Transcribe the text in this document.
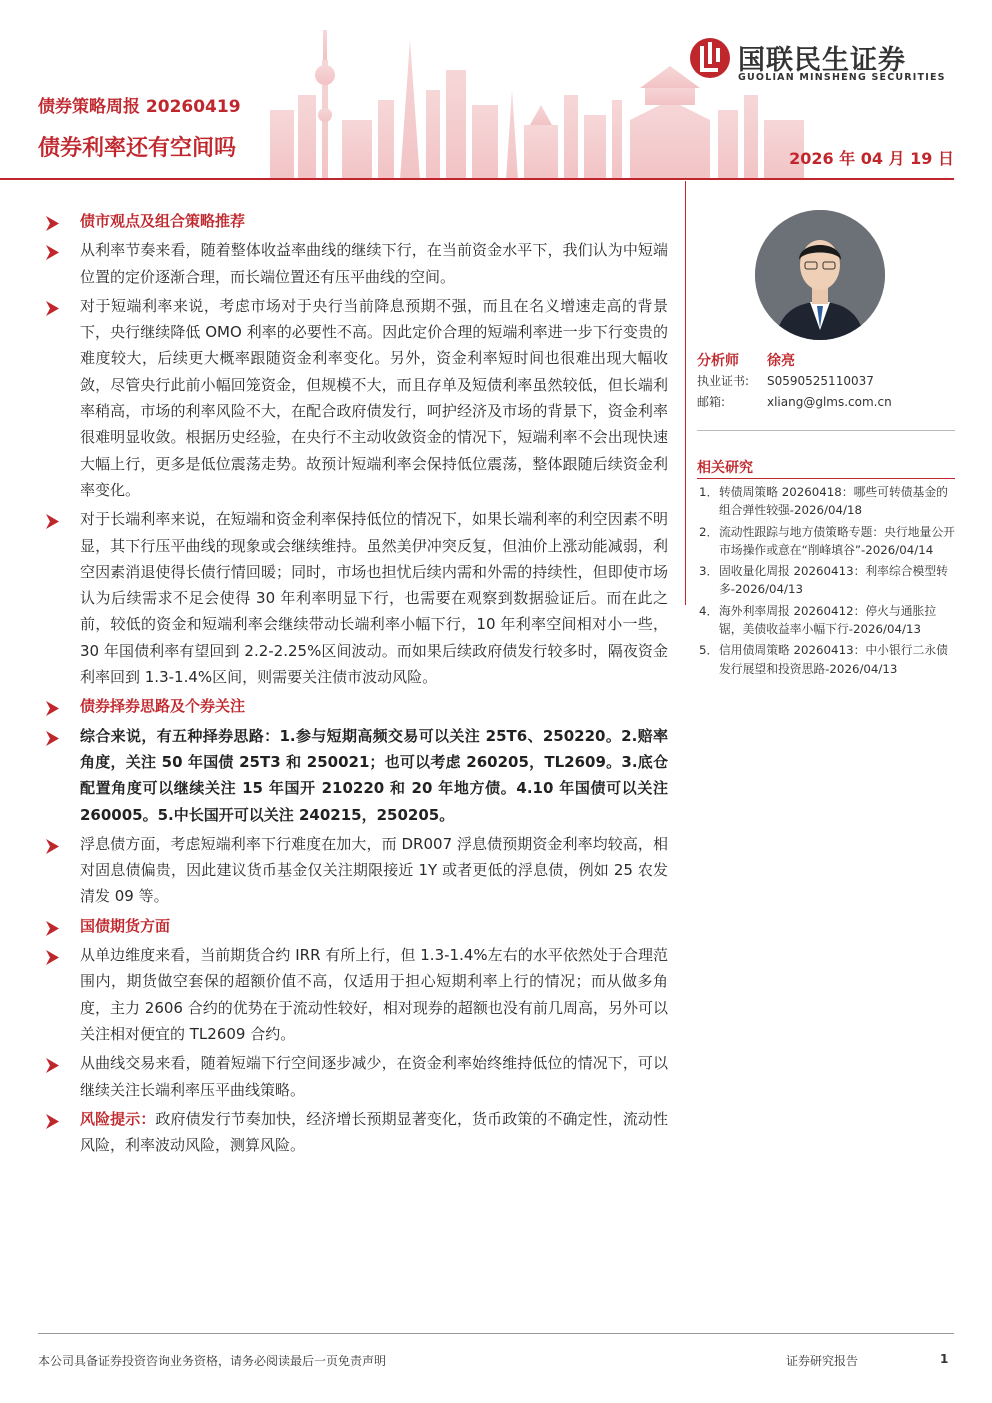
国联民生证券
GUOLIAN MINSHENG SECURITIES
债券策略周报 20260419
债券利率还有空间吗	2026 年 04 月 19 日
债市观点及组合策略推荐
从利率节奏来看，随着整体收益率曲线的继续下行，在当前资金水平下，我们认为中短端位置的定价逐渐合理，而长端位置还有压平曲线的空间。
对于短端利率来说，考虑市场对于央行当前降息预期不强，而且在名义增速走高的背景下，央行继续降低 OMO 利率的必要性不高。因此定价合理的短端利率进一步下行变贵的难度较大，后续更大概率跟随资金利率变化。另外，资金利率短时间也很难出现大幅收敛，尽管央行此前小幅回笼资金，但规模不大，而且存单及短债利率虽然较低，但长端利率稍高，市场的利率风险不大，在配合政府债发行，呵护经济及市场的背景下，资金利率很难明显收敛。根据历史经验，在央行不主动收敛资金的情况下，短端利率不会出现快速大幅上行，更多是低位震荡走势。故预计短端利率会保持低位震荡，整体跟随后续资金利率变化。
对于长端利率来说，在短端和资金利率保持低位的情况下，如果长端利率的利空因素不明显，其下行压平曲线的现象或会继续维持。虽然美伊冲突反复，但油价上涨动能减弱，利空因素消退使得长债行情回暖；同时，市场也担忧后续内需和外需的持续性，但即使市场认为后续需求不足会使得 30 年利率明显下行，也需要在观察到数据验证后。而在此之前，较低的资金和短端利率会继续带动长端利率小幅下行，10 年利率空间相对小一些，30 年国债利率有望回到 2.2-2.25%区间波动。而如果后续政府债发行较多时，隔夜资金利率回到 1.3-1.4%区间，则需要关注债市波动风险。
债券择券思路及个券关注
综合来说，有五种择券思路：1.参与短期高频交易可以关注 25T6、250220。2.赔率角度，关注 50 年国债 25T3 和 250021；也可以考虑 260205，TL2609。3.底仓配置角度可以继续关注 15 年国开 210220 和 20 年地方债。4.10 年国债可以关注 260005。5.中长国开可以关注 240215，250205。
浮息债方面，考虑短端利率下行难度在加大，而 DR007 浮息债预期资金利率均较高，相对固息债偏贵，因此建议货币基金仅关注期限接近 1Y 或者更低的浮息债，例如 25 农发清发 09 等。
国债期货方面
从单边维度来看，当前期货合约 IRR 有所上行，但 1.3-1.4%左右的水平依然处于合理范围内，期货做空套保的超额价值不高，仅适用于担心短期利率上行的情况；而从做多角度，主力 2606 合约的优势在于流动性较好，相对现券的超额也没有前几周高，另外可以关注相对便宜的 TL2609 合约。
从曲线交易来看，随着短端下行空间逐步减少，在资金利率始终维持低位的情况下，可以继续关注长端利率压平曲线策略。
风险提示：政府债发行节奏加快，经济增长预期显著变化，货币政策的不确定性，流动性风险，利率波动风险，测算风险。
分析师	徐亮
执业证书:	S0590525110037
邮箱:	xliang@glms.com.cn
相关研究
1． 转债周策略 20260418：哪些可转债基金的组合弹性较强-2026/04/18
2． 流动性跟踪与地方债策略专题：央行地量公开市场操作或意在“削峰填谷”-2026/04/14
3． 固收量化周报 20260413：利率综合模型转多-2026/04/13
4． 海外利率周报 20260412：停火与通胀拉锯，美债收益率小幅下行-2026/04/13
5． 信用债周策略 20260413：中小银行二永债发行展望和投资思路-2026/04/13
本公司具备证券投资咨询业务资格，请务必阅读最后一页免责声明	证券研究报告	1
